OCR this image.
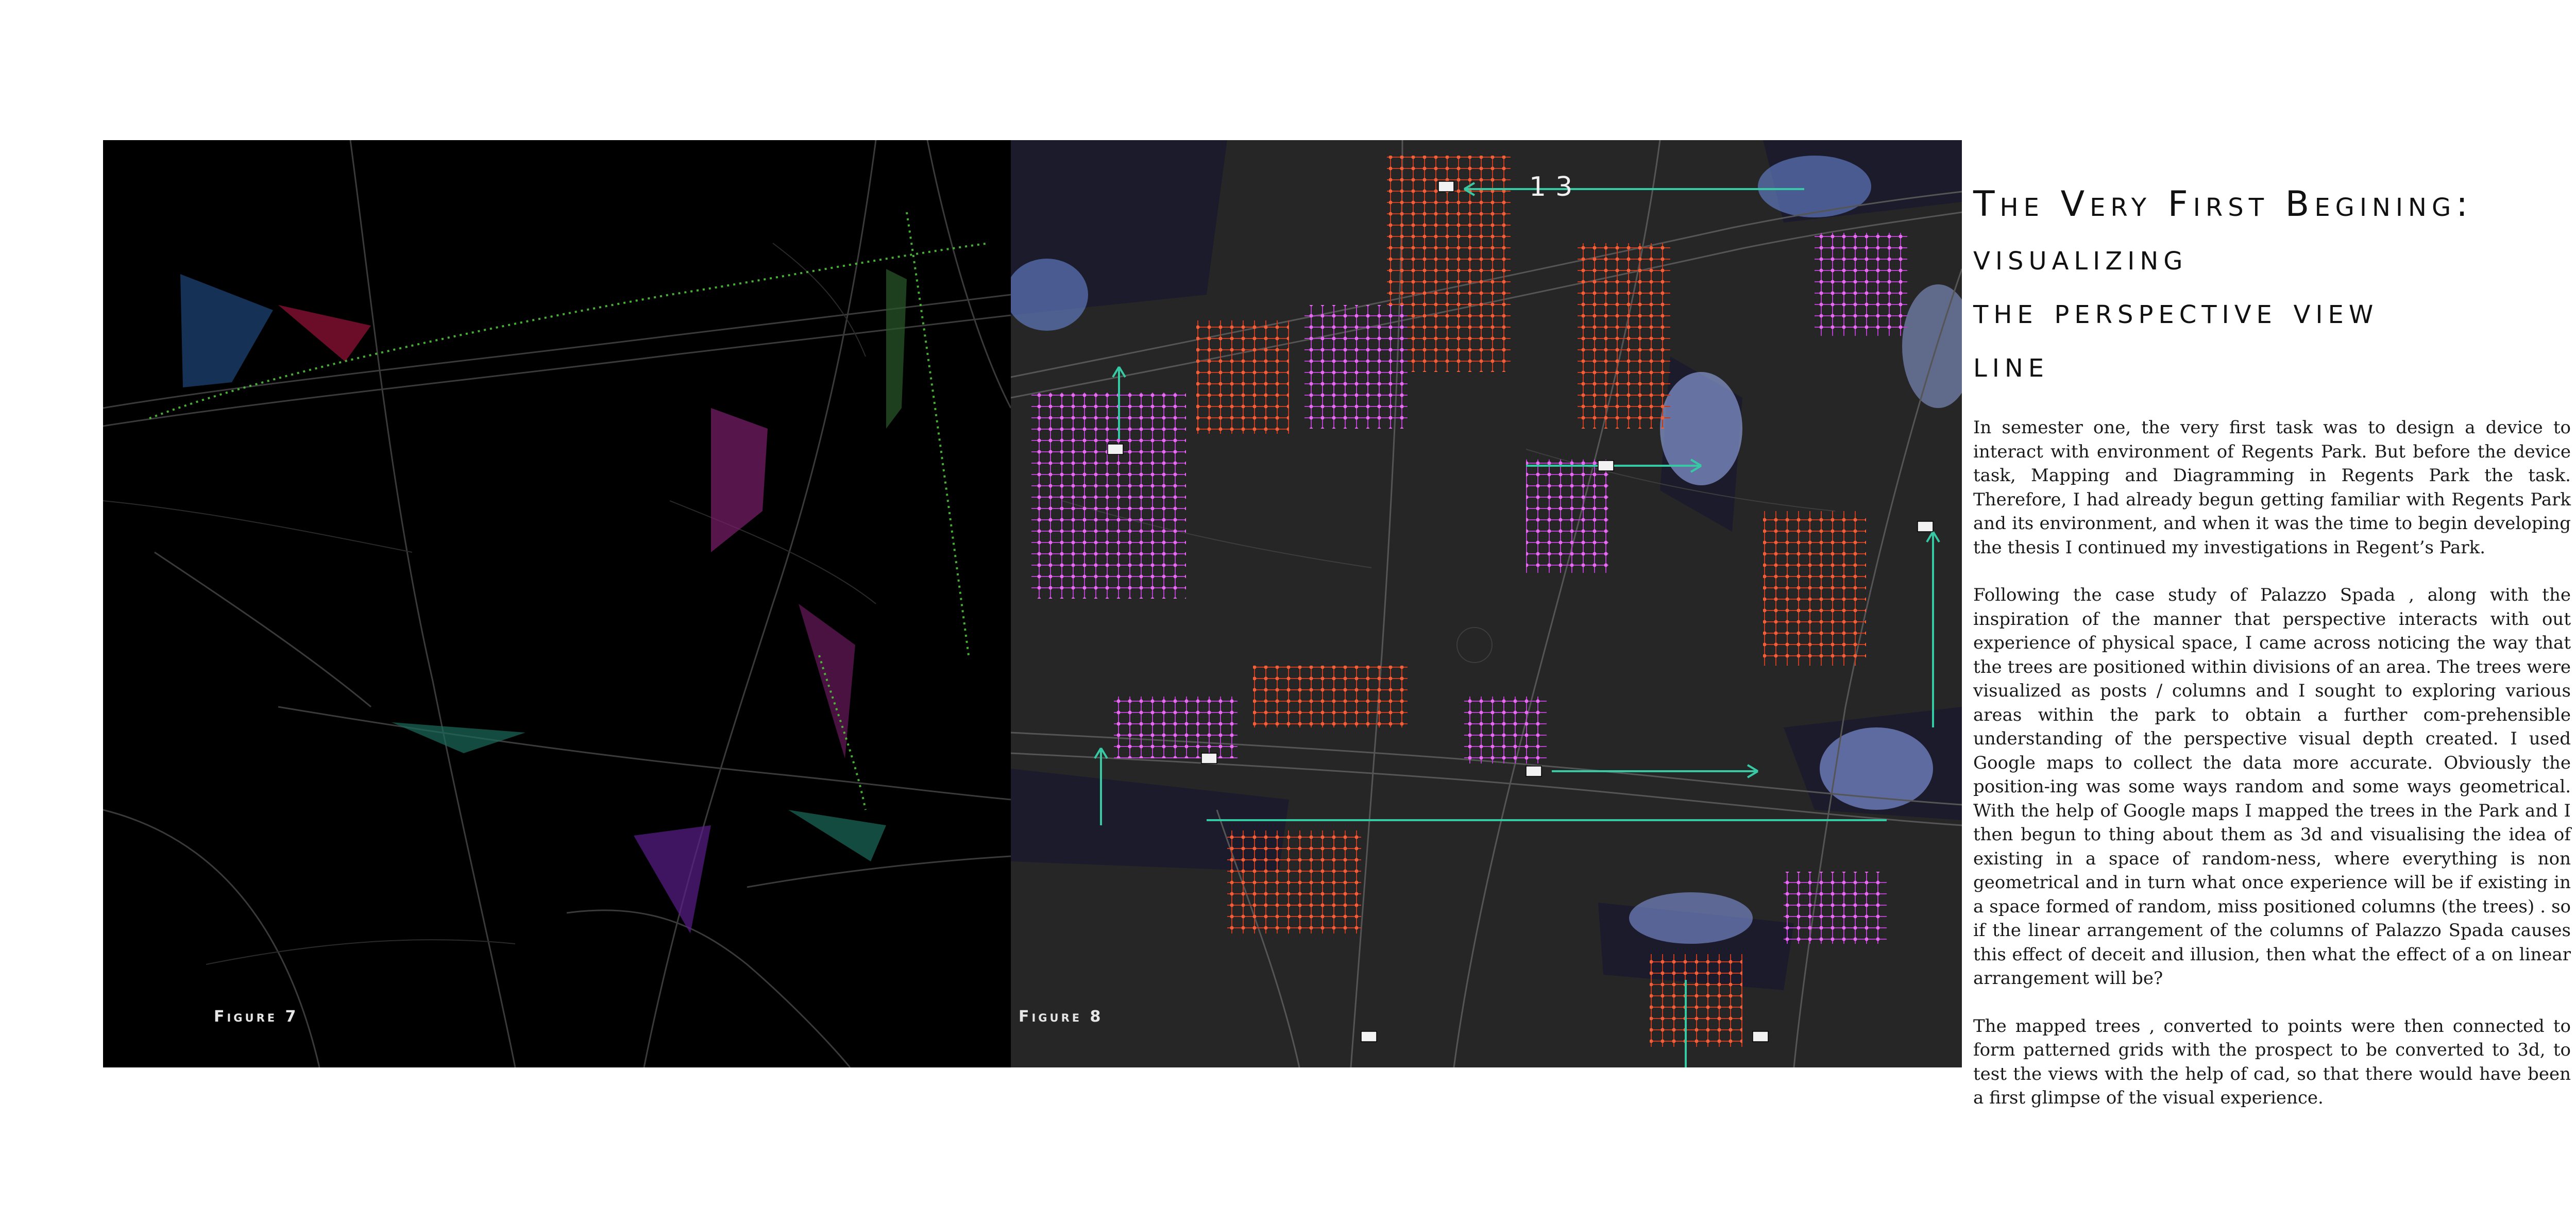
Figure 7
13
Figure 8
The Very First Begining:
visualizing
the perspective view
line

In semester one, the very first task was to design a device to interact with environment of Regents Park. But before the device task, Mapping and Diagramming in Regents Park the task. Therefore, I had already begun getting familiar with Regents Park and its environment, and when it was the time to begin developing the thesis I continued my investigations in Regent’s Park.

Following the case study of Palazzo Spada , along with the inspiration of the manner that perspective interacts with out experience of physical space, I came across noticing the way that the trees are positioned within divisions of an area. The trees were visualized as posts / columns and I sought to exploring various areas within the park to obtain a further com-prehensible understanding of the perspective visual depth created. I used Google maps to collect the data more accurate. Obviously the position-ing was some ways random and some ways geometrical. With the help of Google maps I mapped the trees in the Park and I then begun to thing about them as 3d and visualising the idea of existing in a space of random-ness, where everything is non geometrical and in turn what once experience will be if existing in a space formed of random, miss positioned columns (the trees) . so if the linear arrangement of the columns of Palazzo Spada causes this effect of deceit and illusion, then what the effect of a on linear arrangement will be?

The mapped trees , converted to points were then connected to form patterned grids with the prospect to be converted to 3d, to test the views with the help of cad, so that there would have been a first glimpse of the visual experience.
